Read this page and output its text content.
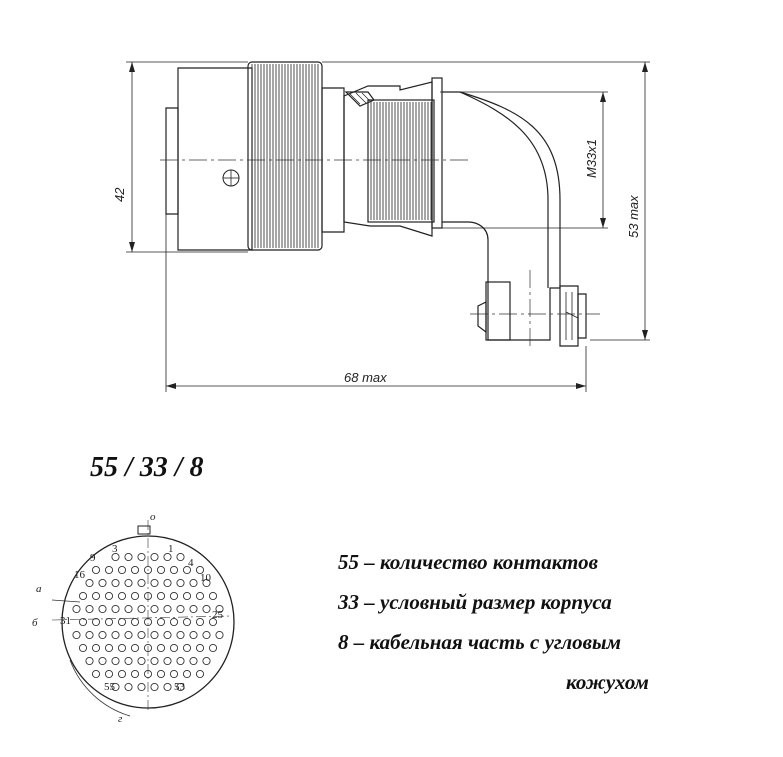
42
M33x1
53 max
68 max
1
3
4
9
10
16
25
31
53
55
о
а
б
г
55 / 33 / 8
55 – количество контактов
33 – условный размер корпуса
8 – кабельная часть с угловым
кожухом
